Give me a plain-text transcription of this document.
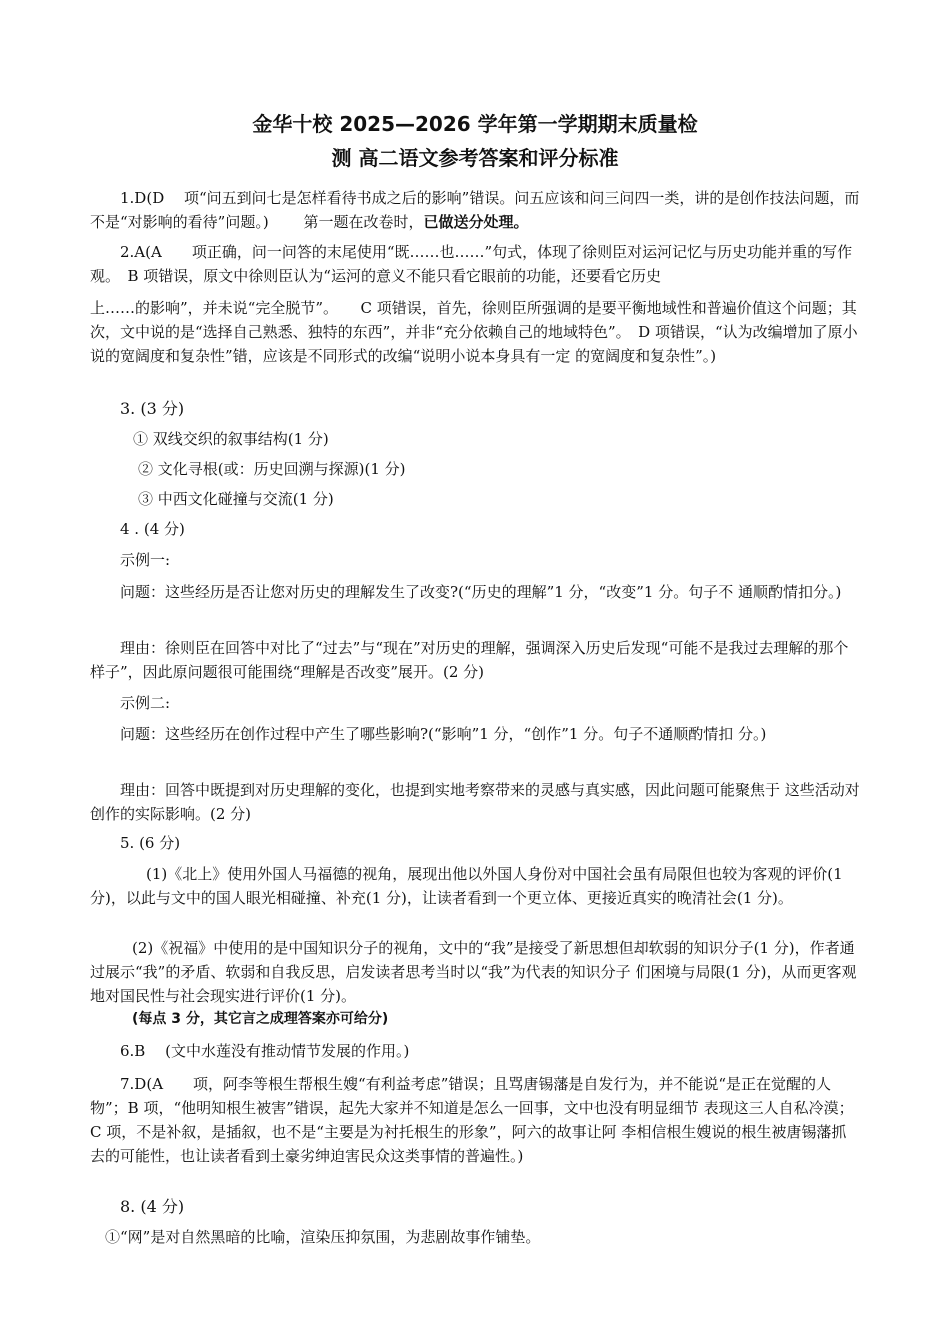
金华十校 2025—2026 学年第一学期期末质量检
测 高二语文参考答案和评分标准
1.D(D　 项“问五到问七是怎样看待书成之后的影响”错误。问五应该和问三问四一类，讲的是创作技法问题，而不是“对影响的看待”问题。)　　 第一题在改卷时，已做送分处理。
2.A(A　　项正确，问一问答的末尾使用“既……也……”句式，体现了徐则臣对运河记忆与历史功能并重的写作观。　B 项错误，原文中徐则臣认为“运河的意义不能只看它眼前的功能，还要看它历史
上……的影响”，并未说“完全脱节”。　　C 项错误，首先，徐则臣所强调的是要平衡地域性和普遍价值这个问题；其次，文中说的是“选择自己熟悉、独特的东西”，并非“充分依赖自己的地域特色”。　D 项错误，“认为改编增加了原小说的宽阔度和复杂性”错，应该是不同形式的改编“说明小说本身具有一定 的宽阔度和复杂性”。)
3. (3 分)
① 双线交织的叙事结构(1 分)
② 文化寻根(或：历史回溯与探源)(1 分)
③ 中西文化碰撞与交流(1 分)
4 . (4 分)
示例一:
问题：这些经历是否让您对历史的理解发生了改变?(“历史的理解”1 分，“改变”1 分。句子不 通顺酌情扣分。)
理由：徐则臣在回答中对比了“过去”与“现在”对历史的理解，强调深入历史后发现“可能不是我过去理解的那个样子”，因此原问题很可能围绕“理解是否改变”展开。(2 分)
示例二:
问题：这些经历在创作过程中产生了哪些影响?(“影响”1 分，“创作”1 分。句子不通顺酌情扣 分。)
理由：回答中既提到对历史理解的变化，也提到实地考察带来的灵感与真实感，因此问题可能聚焦于 这些活动对创作的实际影响。(2 分)
5. (6 分)
(1)《北上》使用外国人马福德的视角，展现出他以外国人身份对中国社会虽有局限但也较为客观的评价(1 分)，以此与文中的国人眼光相碰撞、补充(1 分)，让读者看到一个更立体、更接近真实的晚清社会(1 分)。
(2)《祝福》中使用的是中国知识分子的视角，文中的“我”是接受了新思想但却软弱的知识分子(1 分)，作者通过展示“我”的矛盾、软弱和自我反思，启发读者思考当时以“我”为代表的知识分子 们困境与局限(1 分)，从而更客观地对国民性与社会现实进行评价(1 分)。
(每点 3 分，其它言之成理答案亦可给分)
6.B　 (文中水莲没有推动情节发展的作用。)
7.D(A　　项，阿李等根生帮根生嫂“有利益考虑”错误；且骂唐锡藩是自发行为，并不能说“是正在觉醒的人物”；B 项，“他明知根生被害”错误，起先大家并不知道是怎么一回事，文中也没有明显细节 表现这三人自私冷漠；C 项，不是补叙，是插叙，也不是“主要是为衬托根生的形象”，阿六的故事让阿 李相信根生嫂说的根生被唐锡藩抓去的可能性，也让读者看到土豪劣绅迫害民众这类事情的普遍性。)
8. (4 分)
①“网”是对自然黑暗的比喻，渲染压抑氛围，为悲剧故事作铺垫。
